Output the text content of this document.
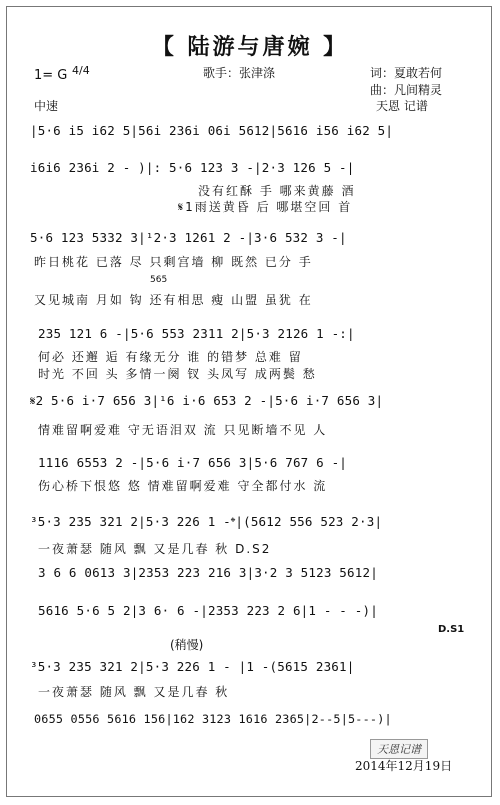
【 陆游与唐婉 】
1= G 4/4	歌手：张津涤	词：夏敢若何
曲：凡间精灵
中速	天恩 记谱
|5·6 i5 i62 5|56i 236i 06i 5612|5616 i56 i62 5|
i6i6 236i 2 - )|: 5·6 123 3 -|2·3 126 5 -|
没有红酥 手 哪来黄藤 酒
𝄋1雨送黄昏 后 哪堪空回 首
5·6 123 5332 3|¹2·3 1261 2 -|3·6 532 3 -|
昨日桃花 已落 尽 只剩宫墙 柳 既然 已分 手
565
又见城南 月如 钩 还有相思 瘦 山盟 虽犹 在
235 121 6 -|5·6 553 2311 2|5·3 2126 1 -:|
何必 还邂 逅 有缘无分 谁 的错梦 总难 留
时光 不回 头 多情一阕 钗 头凤写 成两鬓 愁
𝄋2 5·6 i·7 656 3|¹6 i·6 653 2 -|5·6 i·7 656 3|
情难留啊爱难 守无语泪双 流 只见断墙不见 人
1116 6553 2 -|5·6 i·7 656 3|5·6 767 6 -|
伤心桥下恨悠 悠 情难留啊爱难 守全都付水 流
³5·3 235 321 2|5·3 226 1 -𝄌|(5612 556 523 2·3|
一夜萧瑟 随风 飘 又是几春 秋 D.S2
3 6 6 0613 3|2353 223 216 3|3·2 3 5123 5612|
5616 5·6 5 2|3 6· 6 -|2353 223 2 6|1 - - -)|
D.S1
(稍慢)
³5·3 235 321 2|5·3 226 1 - |1 -(5615 2361|
一夜萧瑟 随风 飘 又是几春 秋
0655 0556 5616 156|162 3123 1616 2365|2--5|5---)|
天恩记谱
2014年12月19日
